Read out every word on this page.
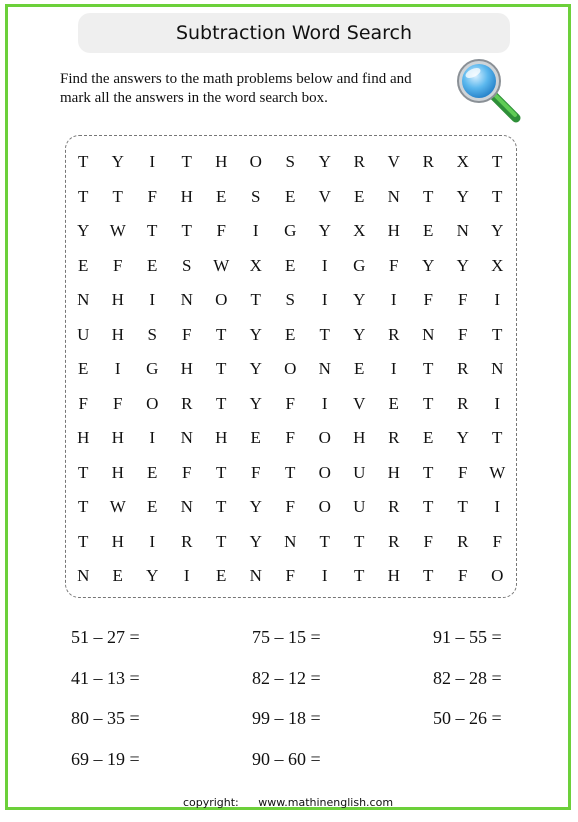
Subtraction Word Search
Find the answers to the math problems below and find and mark all the answers in the word search box.
T	Y	I	T	H	O	S	Y	R	V	R	X	T
T	T	F	H	E	S	E	V	E	N	T	Y	T
Y	W	T	T	F	I	G	Y	X	H	E	N	Y
E	F	E	S	W	X	E	I	G	F	Y	Y	X
N	H	I	N	O	T	S	I	Y	I	F	F	I
U	H	S	F	T	Y	E	T	Y	R	N	F	T
E	I	G	H	T	Y	O	N	E	I	T	R	N
F	F	O	R	T	Y	F	I	V	E	T	R	I
H	H	I	N	H	E	F	O	H	R	E	Y	T
T	H	E	F	T	F	T	O	U	H	T	F	W
T	W	E	N	T	Y	F	O	U	R	T	T	I
T	H	I	R	T	Y	N	T	T	R	F	R	F
N	E	Y	I	E	N	F	I	T	H	T	F	O
51 – 27 =	75 – 15 =	91 – 55 =
41 – 13 =	82 – 12 =	82 – 28 =
80 – 35 =	99 – 18 =	50 – 26 =
69 – 19 =	90 – 60 =
copyright: www.mathinenglish.com
